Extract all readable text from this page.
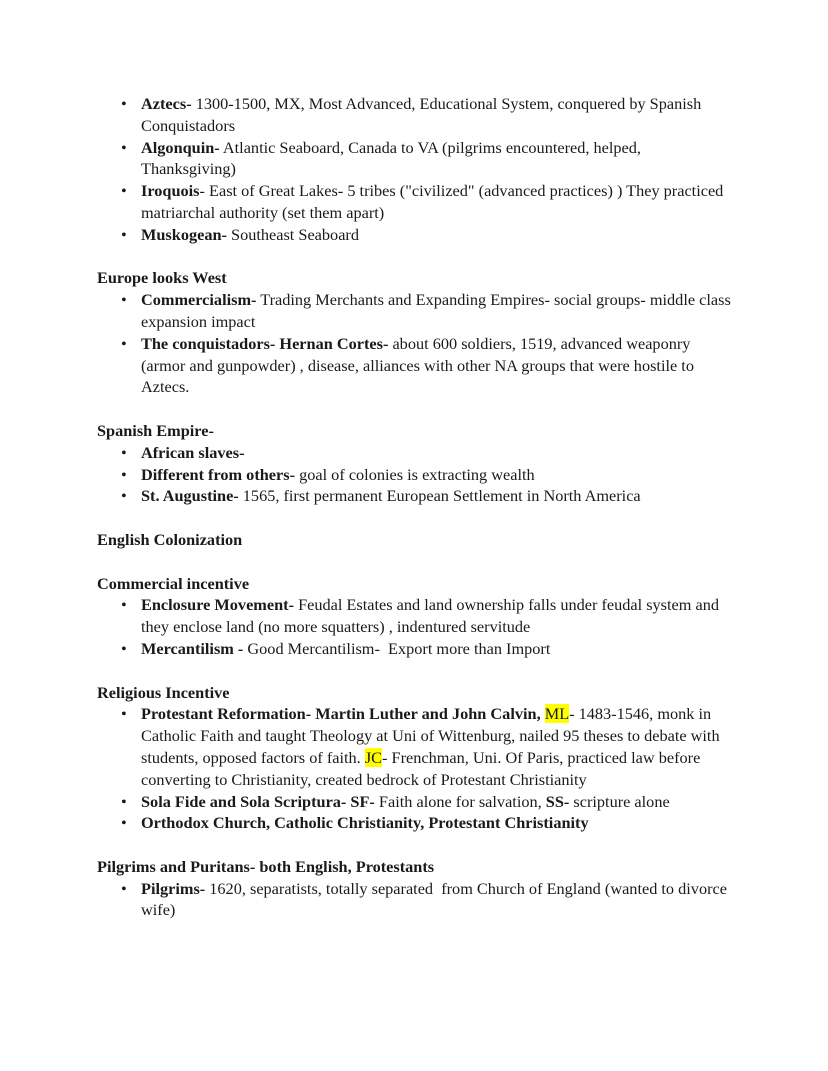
• Aztecs- 1300-1500, MX, Most Advanced, Educational System, conquered by Spanish Conquistadors
• Algonquin- Atlantic Seaboard, Canada to VA (pilgrims encountered, helped, Thanksgiving)
• Iroquois- East of Great Lakes- 5 tribes ("civilized" (advanced practices) ) They practiced matriarchal authority (set them apart)
• Muskogean- Southeast Seaboard
Europe looks West
• Commercialism- Trading Merchants and Expanding Empires- social groups- middle class expansion impact
• The conquistadors- Hernan Cortes- about 600 soldiers, 1519, advanced weaponry (armor and gunpowder) , disease, alliances with other NA groups that were hostile to Aztecs.
Spanish Empire-
• African slaves-
• Different from others- goal of colonies is extracting wealth
• St. Augustine- 1565, first permanent European Settlement in North America
English Colonization
Commercial incentive
• Enclosure Movement- Feudal Estates and land ownership falls under feudal system and they enclose land (no more squatters) , indentured servitude
• Mercantilism - Good Mercantilism-  Export more than Import
Religious Incentive
• Protestant Reformation- Martin Luther and John Calvin, ML- 1483-1546, monk in Catholic Faith and taught Theology at Uni of Wittenburg, nailed 95 theses to debate with students, opposed factors of faith. JC- Frenchman, Uni. Of Paris, practiced law before converting to Christianity, created bedrock of Protestant Christianity
• Sola Fide and Sola Scriptura- SF- Faith alone for salvation, SS- scripture alone
• Orthodox Church, Catholic Christianity, Protestant Christianity
Pilgrims and Puritans- both English, Protestants
• Pilgrims- 1620, separatists, totally separated  from Church of England (wanted to divorce wife)
